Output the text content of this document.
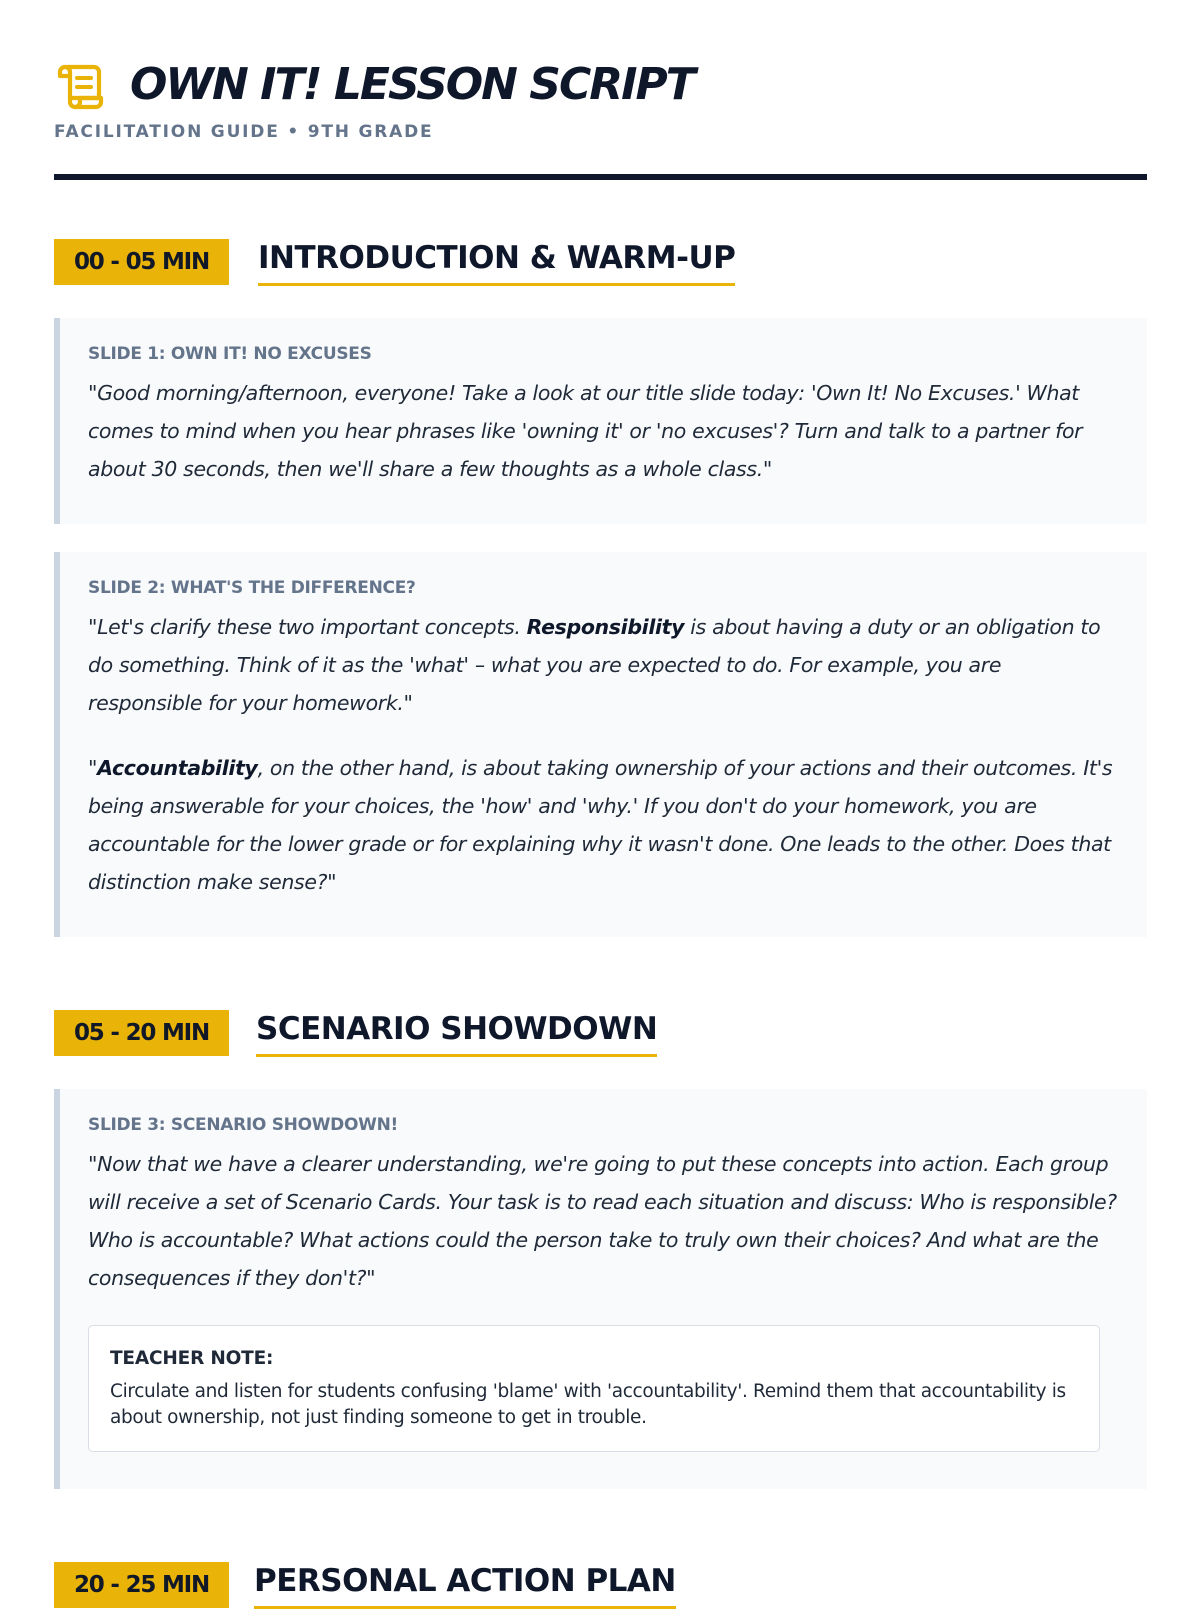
OWN IT! LESSON SCRIPT
FACILITATION GUIDE • 9TH GRADE
00 - 05 MIN	INTRODUCTION & WARM-UP
SLIDE 1: OWN IT! NO EXCUSES

"Good morning/afternoon, everyone! Take a look at our title slide today: 'Own It! No Excuses.' What comes to mind when you hear phrases like 'owning it' or 'no excuses'? Turn and talk to a partner for about 30 seconds, then we'll share a few thoughts as a whole class."

SLIDE 2: WHAT'S THE DIFFERENCE?

"Let's clarify these two important concepts. Responsibility is about having a duty or an obligation to do something. Think of it as the 'what' – what you are expected to do. For example, you are responsible for your homework."

"Accountability, on the other hand, is about taking ownership of your actions and their outcomes. It's being answerable for your choices, the 'how' and 'why.' If you don't do your homework, you are accountable for the lower grade or for explaining why it wasn't done. One leads to the other. Does that distinction make sense?"

05 - 20 MIN	SCENARIO SHOWDOWN
SLIDE 3: SCENARIO SHOWDOWN!

"Now that we have a clearer understanding, we're going to put these concepts into action. Each group will receive a set of Scenario Cards. Your task is to read each situation and discuss: Who is responsible? Who is accountable? What actions could the person take to truly own their choices? And what are the consequences if they don't?"

TEACHER NOTE:

Circulate and listen for students confusing 'blame' with 'accountability'. Remind them that accountability is about ownership, not just finding someone to get in trouble.

20 - 25 MIN	PERSONAL ACTION PLAN
